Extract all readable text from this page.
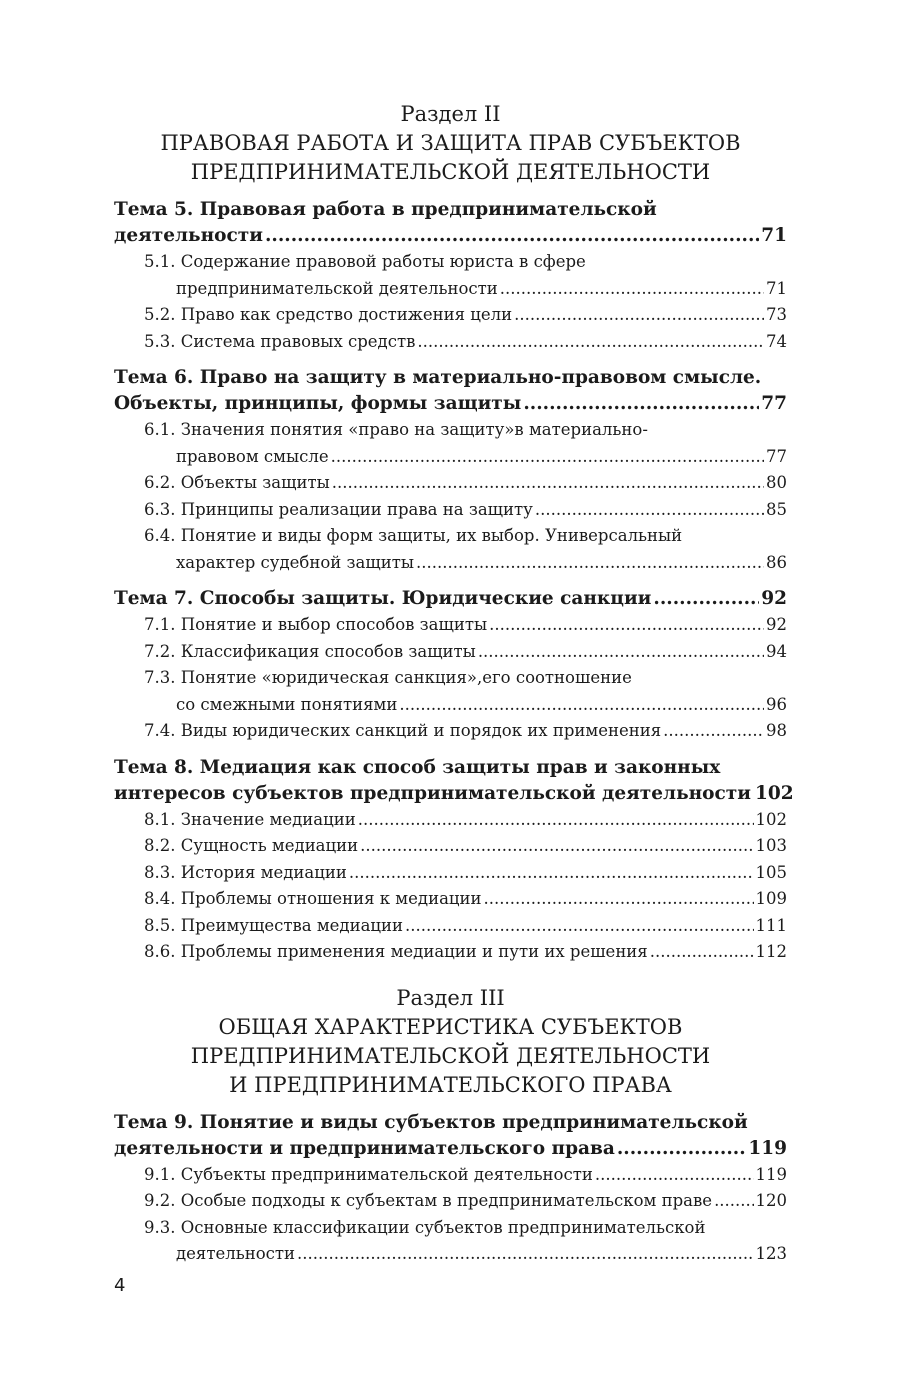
Раздел II
ПРАВОВАЯ РАБОТА И ЗАЩИТА ПРАВ СУБЪЕКТОВ
ПРЕДПРИНИМАТЕЛЬСКОЙ ДЕЯТЕЛЬНОСТИ
Тема 5. Правовая работа в предпринимательской
деятельности .....	71
5.1. Содержание правовой работы юриста в сфере
предпринимательской деятельности .....	71
5.2. Право как средство достижения цели .....	73
5.3. Система правовых средств .....	74
Тема 6. Право на защиту в материально-правовом смысле.
Объекты, принципы, формы защиты .....	77
6.1. Значения понятия «право на защиту»в материально-
правовом смысле .....	77
6.2. Объекты защиты .....	80
6.3. Принципы реализации права на защиту .....	85
6.4. Понятие и виды форм защиты, их выбор. Универсальный
характер судебной защиты .....	86
Тема 7. Способы защиты. Юридические санкции .....	92
7.1. Понятие и выбор способов защиты .....	92
7.2. Классификация способов защиты .....	94
7.3. Понятие «юридическая санкция»,его соотношение
со смежными понятиями .....	96
7.4. Виды юридических санкций и порядок их применения .....	98
Тема 8. Медиация как способ защиты прав и законных
интересов субъектов предпринимательской деятельности 102
8.1. Значение медиации .....	102
8.2. Сущность медиации .....	103
8.3. История медиации .....	105
8.4. Проблемы отношения к медиации .....	109
8.5. Преимущества медиации .....	111
8.6. Проблемы применения медиации и пути их решения .....	112
Раздел III
ОБЩАЯ ХАРАКТЕРИСТИКА СУБЪЕКТОВ
ПРЕДПРИНИМАТЕЛЬСКОЙ ДЕЯТЕЛЬНОСТИ
И ПРЕДПРИНИМАТЕЛЬСКОГО ПРАВА
Тема 9. Понятие и виды субъектов предпринимательской
деятельности и предпринимательского права .....	119
9.1. Субъекты предпринимательской деятельности .....	119
9.2. Особые подходы к субъектам в предпринимательском праве .....	120
9.3. Основные классификации субъектов предпринимательской
деятельности .....	123
4
